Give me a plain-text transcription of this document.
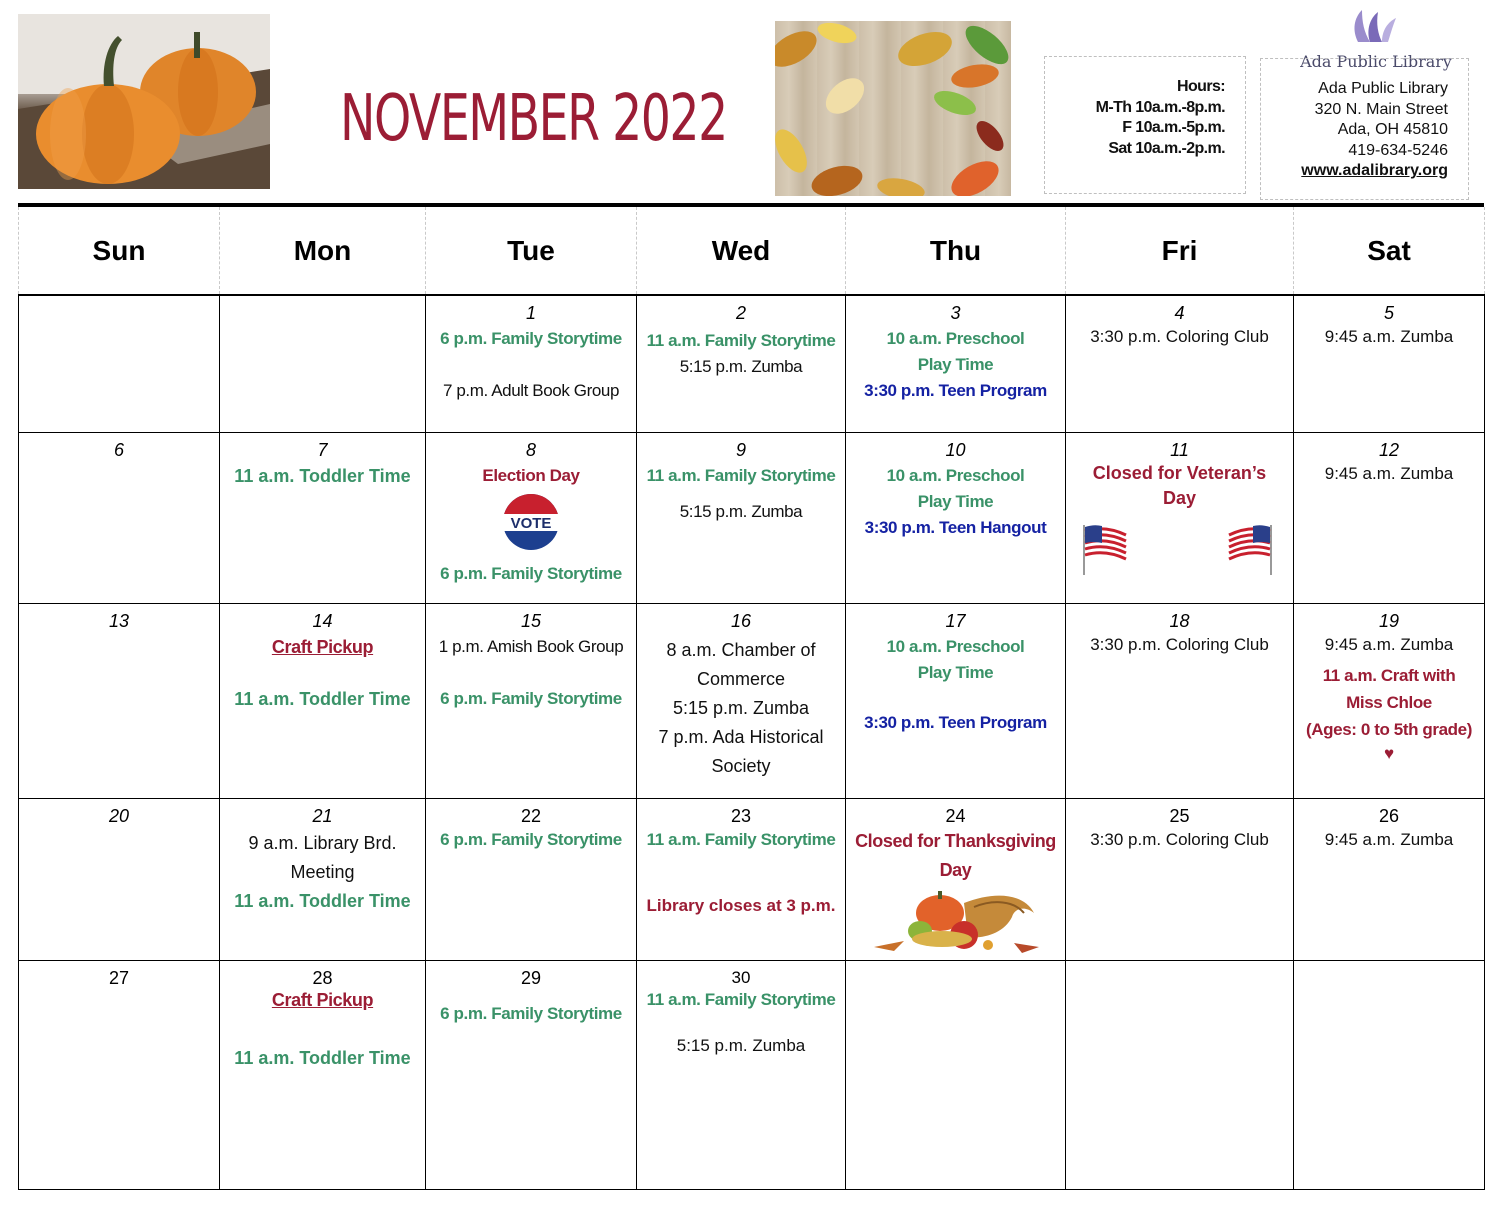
NOVEMBER 2022
Ada Public Library
Hours:
M-Th 10a.m.-8p.m.
F 10a.m.-5p.m.
Sat 10a.m.-2p.m.
Ada Public Library
320 N. Main Street
Ada, OH 45810
419-634-5246
www.adalibrary.org
Sun	Mon	Tue	Wed	Thu	Fri	Sat

		1
6 p.m. Family Storytime
7 p.m. Adult Book Group	2
11 a.m. Family Storytime
5:15 p.m. Zumba	3
10 a.m. Preschool Play Time
3:30 p.m. Teen Program	4
3:30 p.m. Coloring Club	5
9:45 a.m. Zumba

6	7
11 a.m. Toddler Time	8
Election Day
VOTE
6 p.m. Family Storytime	9
11 a.m. Family Storytime
5:15 p.m. Zumba	10
10 a.m. Preschool Play Time
3:30 p.m. Teen Hangout	11
Closed for Veteran’s Day	12
9:45 a.m. Zumba

13	14
Craft Pickup
11 a.m. Toddler Time	15
1 p.m. Amish Book Group
6 p.m. Family Storytime	16
8 a.m. Chamber of Commerce
5:15 p.m. Zumba
7 p.m. Ada Historical Society	17
10 a.m. Preschool Play Time
3:30 p.m. Teen Program	18
3:30 p.m. Coloring Club	19
9:45 a.m. Zumba
11 a.m. Craft with Miss Chloe
(Ages: 0 to 5th grade)
♥

20	21
9 a.m. Library Brd. Meeting
11 a.m. Toddler Time	22
6 p.m. Family Storytime	23
11 a.m. Family Storytime
Library closes at 3 p.m.	24
Closed for Thanksgiving Day	25
3:30 p.m. Coloring Club	26
9:45 a.m. Zumba

27	28
Craft Pickup
11 a.m. Toddler Time	29
6 p.m. Family Storytime	30
11 a.m. Family Storytime
5:15 p.m. Zumba			
